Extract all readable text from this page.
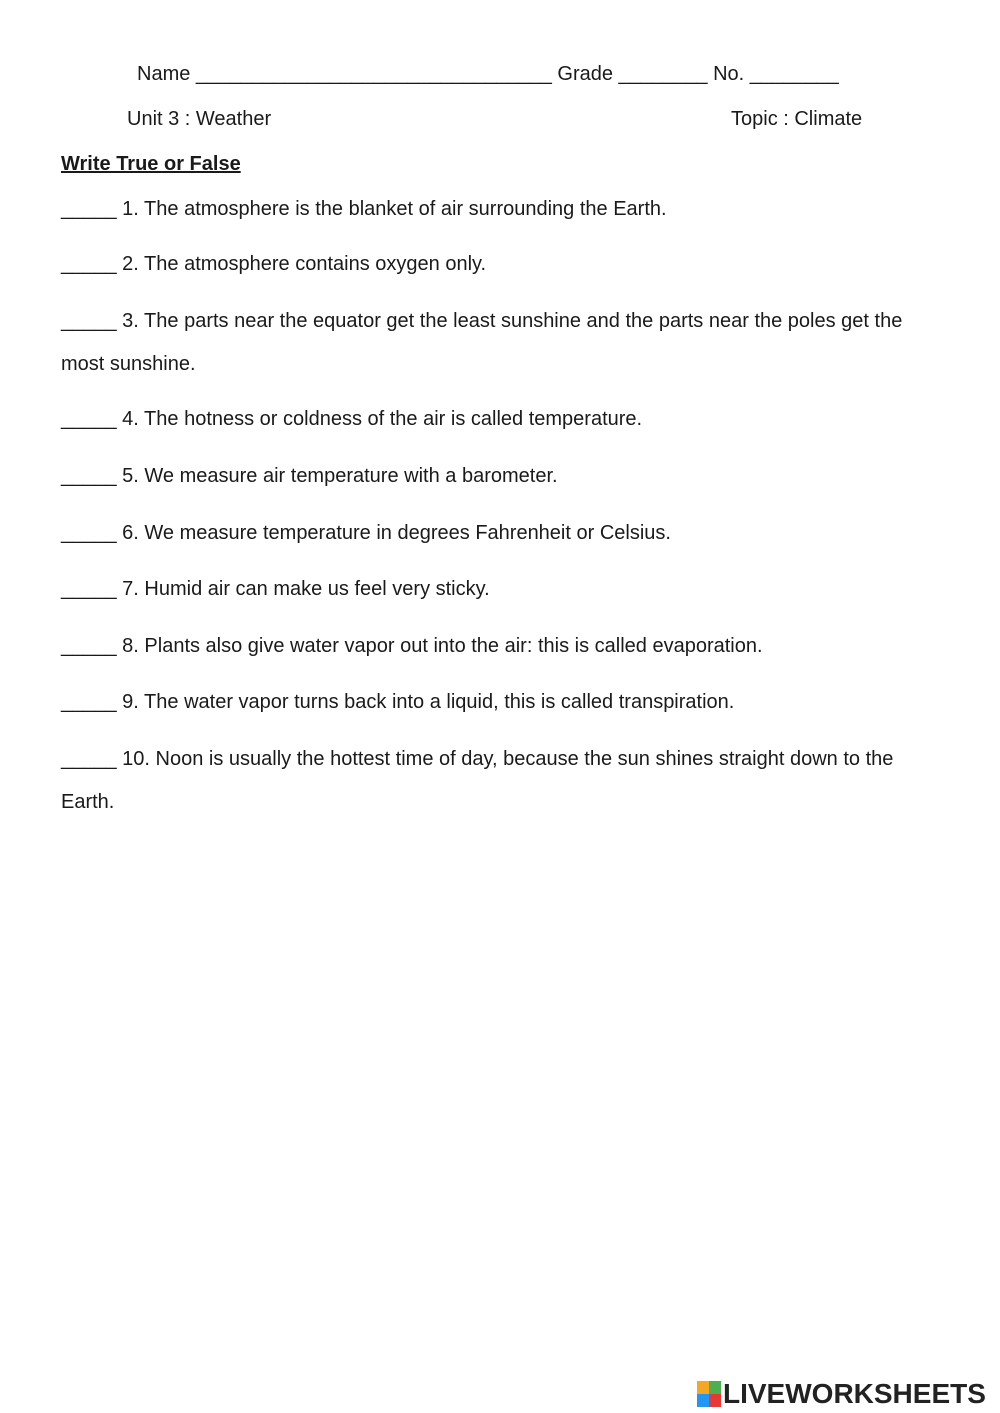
Name ________________________________ Grade ________ No. ________
Unit 3 : Weather	Topic : Climate
Write True or False
_____ 1. The atmosphere is the blanket of air surrounding the Earth.
_____ 2. The atmosphere contains oxygen only.
_____ 3. The parts near the equator get the least sunshine and the parts near the poles get the most sunshine.
_____ 4. The hotness or coldness of the air is called temperature.
_____ 5. We measure air temperature with a barometer.
_____ 6. We measure temperature in degrees Fahrenheit or Celsius.
_____ 7. Humid air can make us feel very sticky.
_____ 8. Plants also give water vapor out into the air: this is called evaporation.
_____ 9. The water vapor turns back into a liquid, this is called transpiration.
_____ 10. Noon is usually the hottest time of day, because the sun shines straight down to the Earth.
LIVEWORKSHEETS
